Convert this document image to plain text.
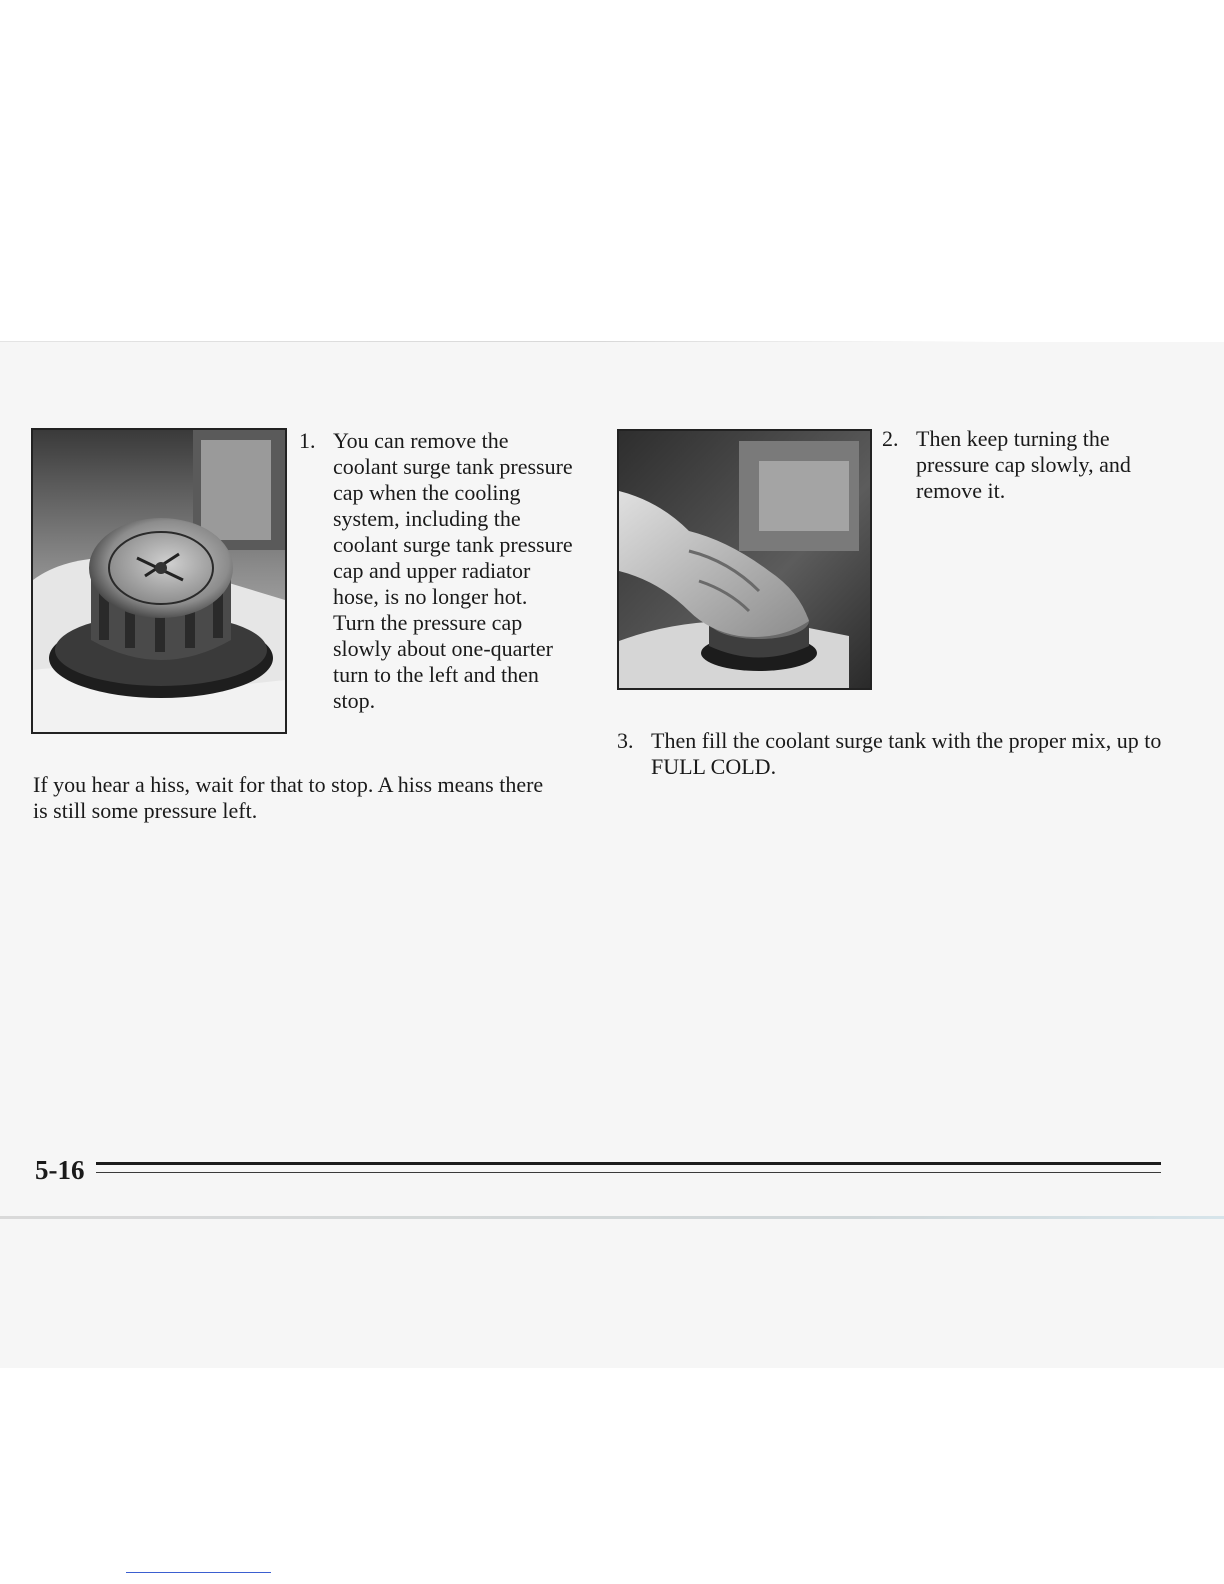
1. You can remove the coolant surge tank pressure cap when the cooling system, including the coolant surge tank pressure cap and upper radiator hose, is no longer hot. Turn the pressure cap slowly about one-quarter turn to the left and then stop.

2. Then keep turning the pressure cap slowly, and remove it.

3. Then fill the coolant surge tank with the proper mix, up to FULL COLD.

If you hear a hiss, wait for that to stop. A hiss means there is still some pressure left.

5-16
